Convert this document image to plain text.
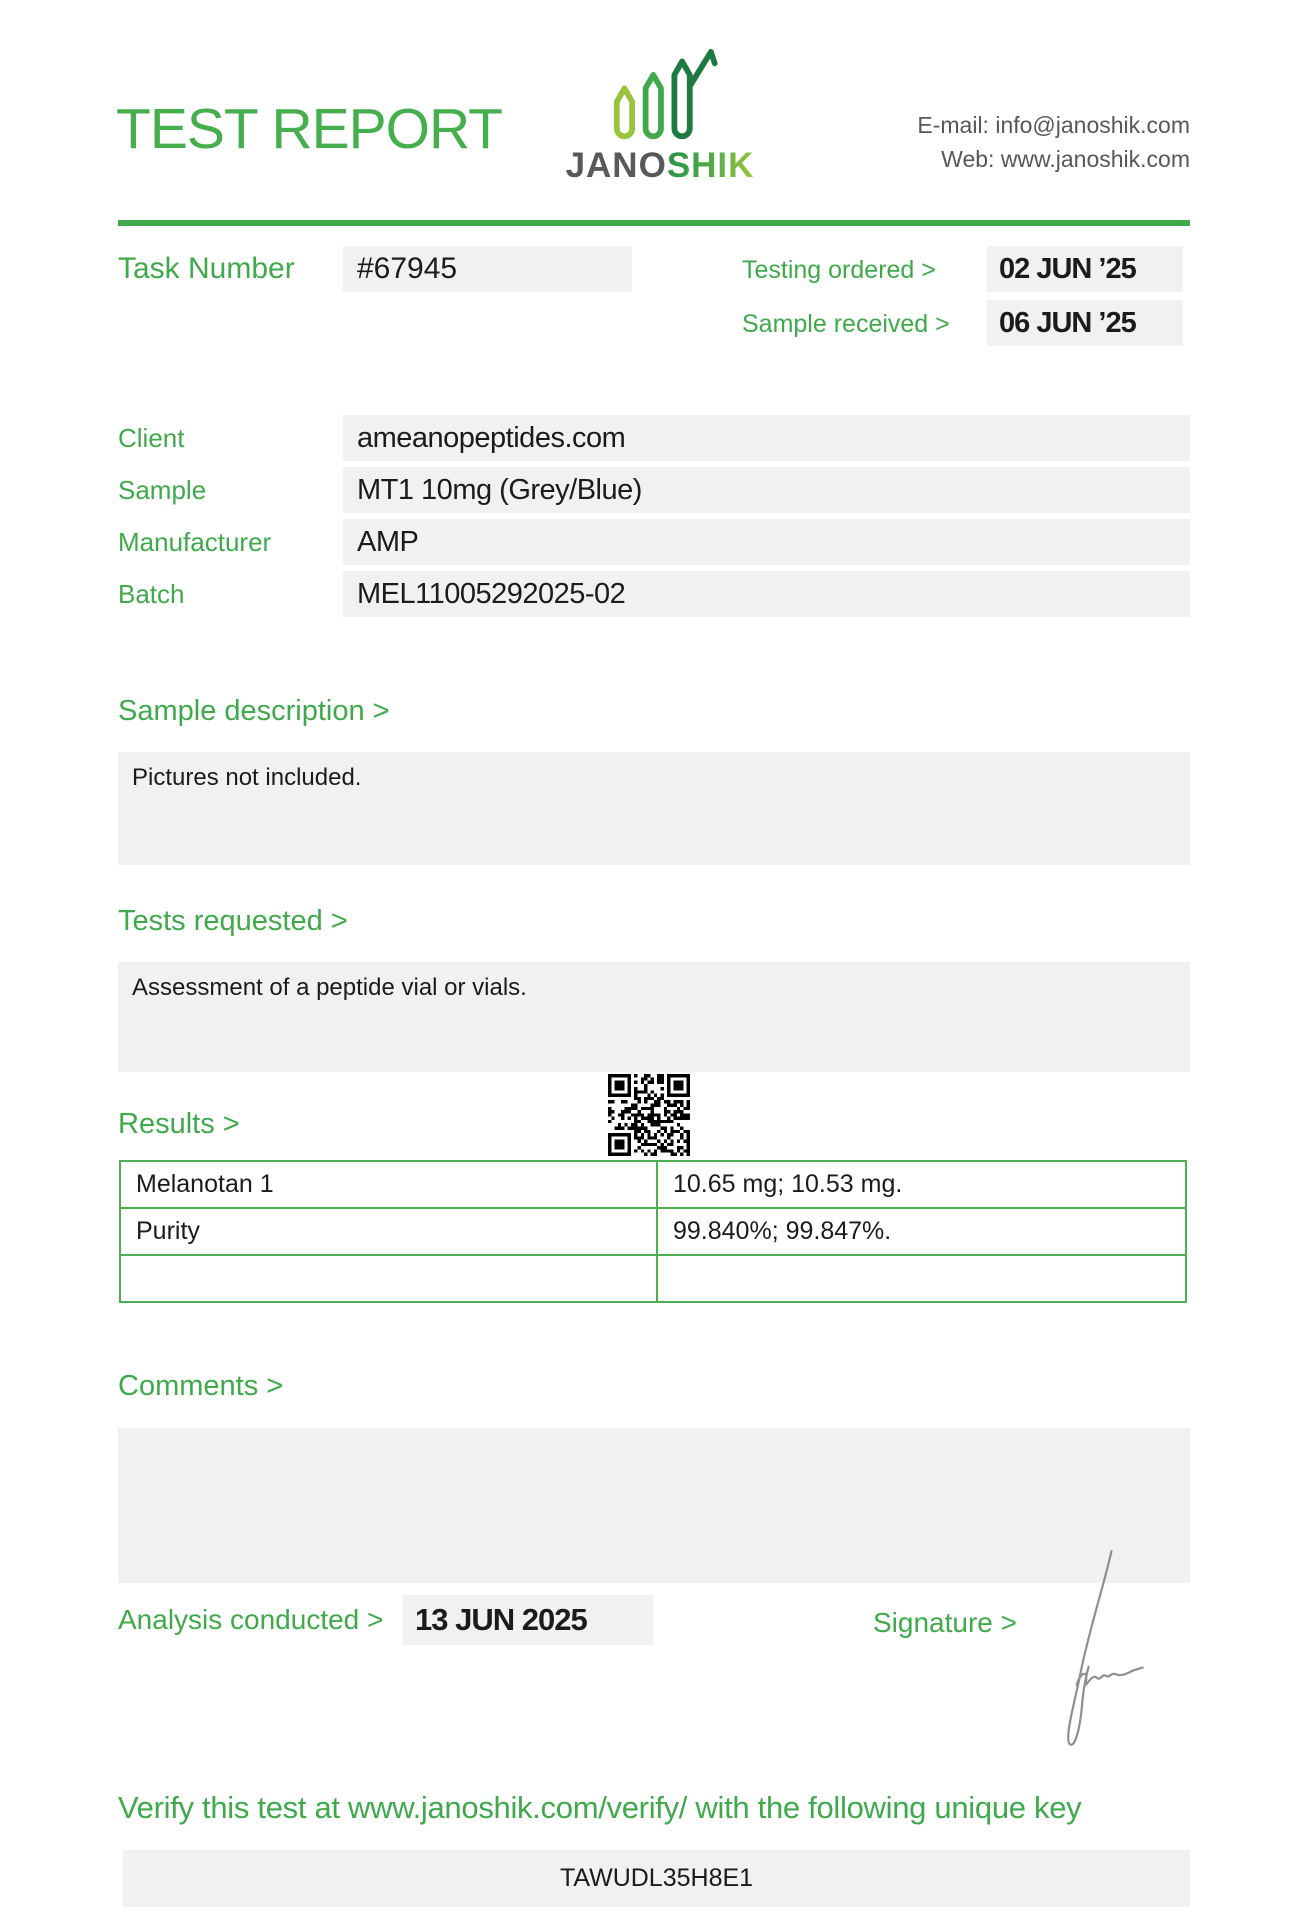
TEST REPORT
JANOSHIK
E-mail: info@janoshik.com
Web: www.janoshik.com
Task Number	#67945	Testing ordered >	02 JUN ’25
Sample received >	06 JUN ’25
Client	ameanopeptides.com
Sample	MT1 10mg (Grey/Blue)
Manufacturer	AMP
Batch	MEL11005292025-02
Sample description >
Pictures not included.
Tests requested >
Assessment of a peptide vial or vials.
Results >
Melanotan 1	10.65 mg; 10.53 mg.
Purity	99.840%; 99.847%.

Comments >
Analysis conducted >	13 JUN 2025	Signature >
Verify this test at www.janoshik.com/verify/ with the following unique key
TAWUDL35H8E1
